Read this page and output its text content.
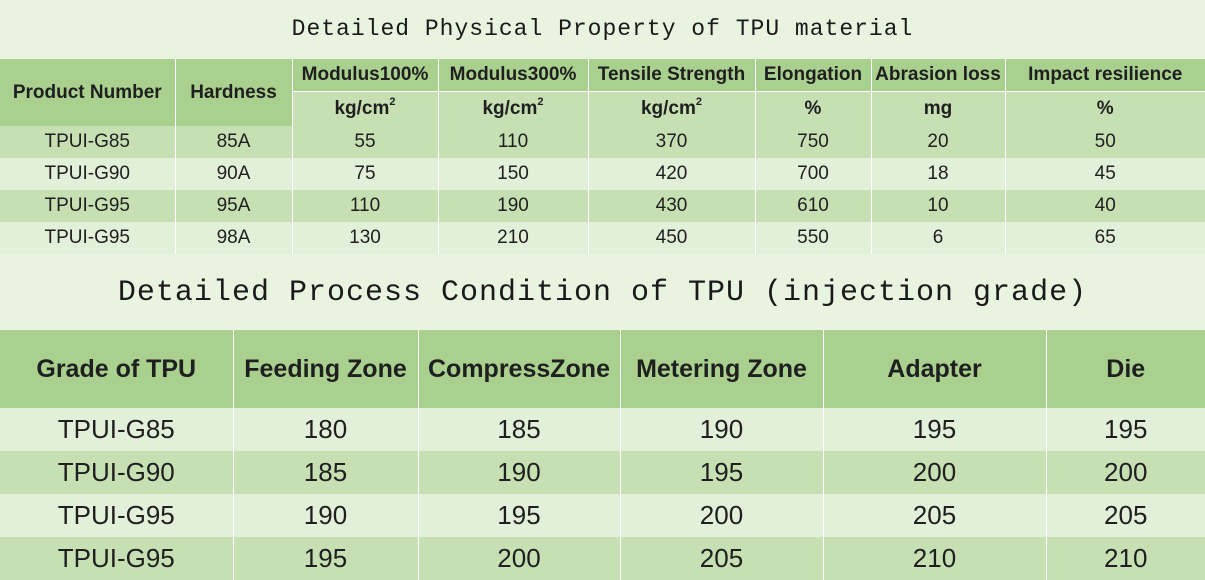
Detailed Physical Property of TPU material
Product Number	Hardness	Modulus100%	Modulus300%	Tensile Strength	Elongation	Abrasion loss	Impact resilience
		$kg/cm^2$	$kg/cm^2$	$kg/cm^2$	%	mg	%
TPUI-G85	85A	55	110	370	750	20	50
TPUI-G90	90A	75	150	420	700	18	45
TPUI-G95	95A	110	190	430	610	10	40
TPUI-G95	98A	130	210	450	550	6	65
Detailed Process Condition of TPU (injection grade)
Grade of TPU	Feeding Zone	CompressZone	Metering Zone	Adapter	Die
TPUI-G85	180	185	190	195	195
TPUI-G90	185	190	195	200	200
TPUI-G95	190	195	200	205	205
TPUI-G95	195	200	205	210	210
